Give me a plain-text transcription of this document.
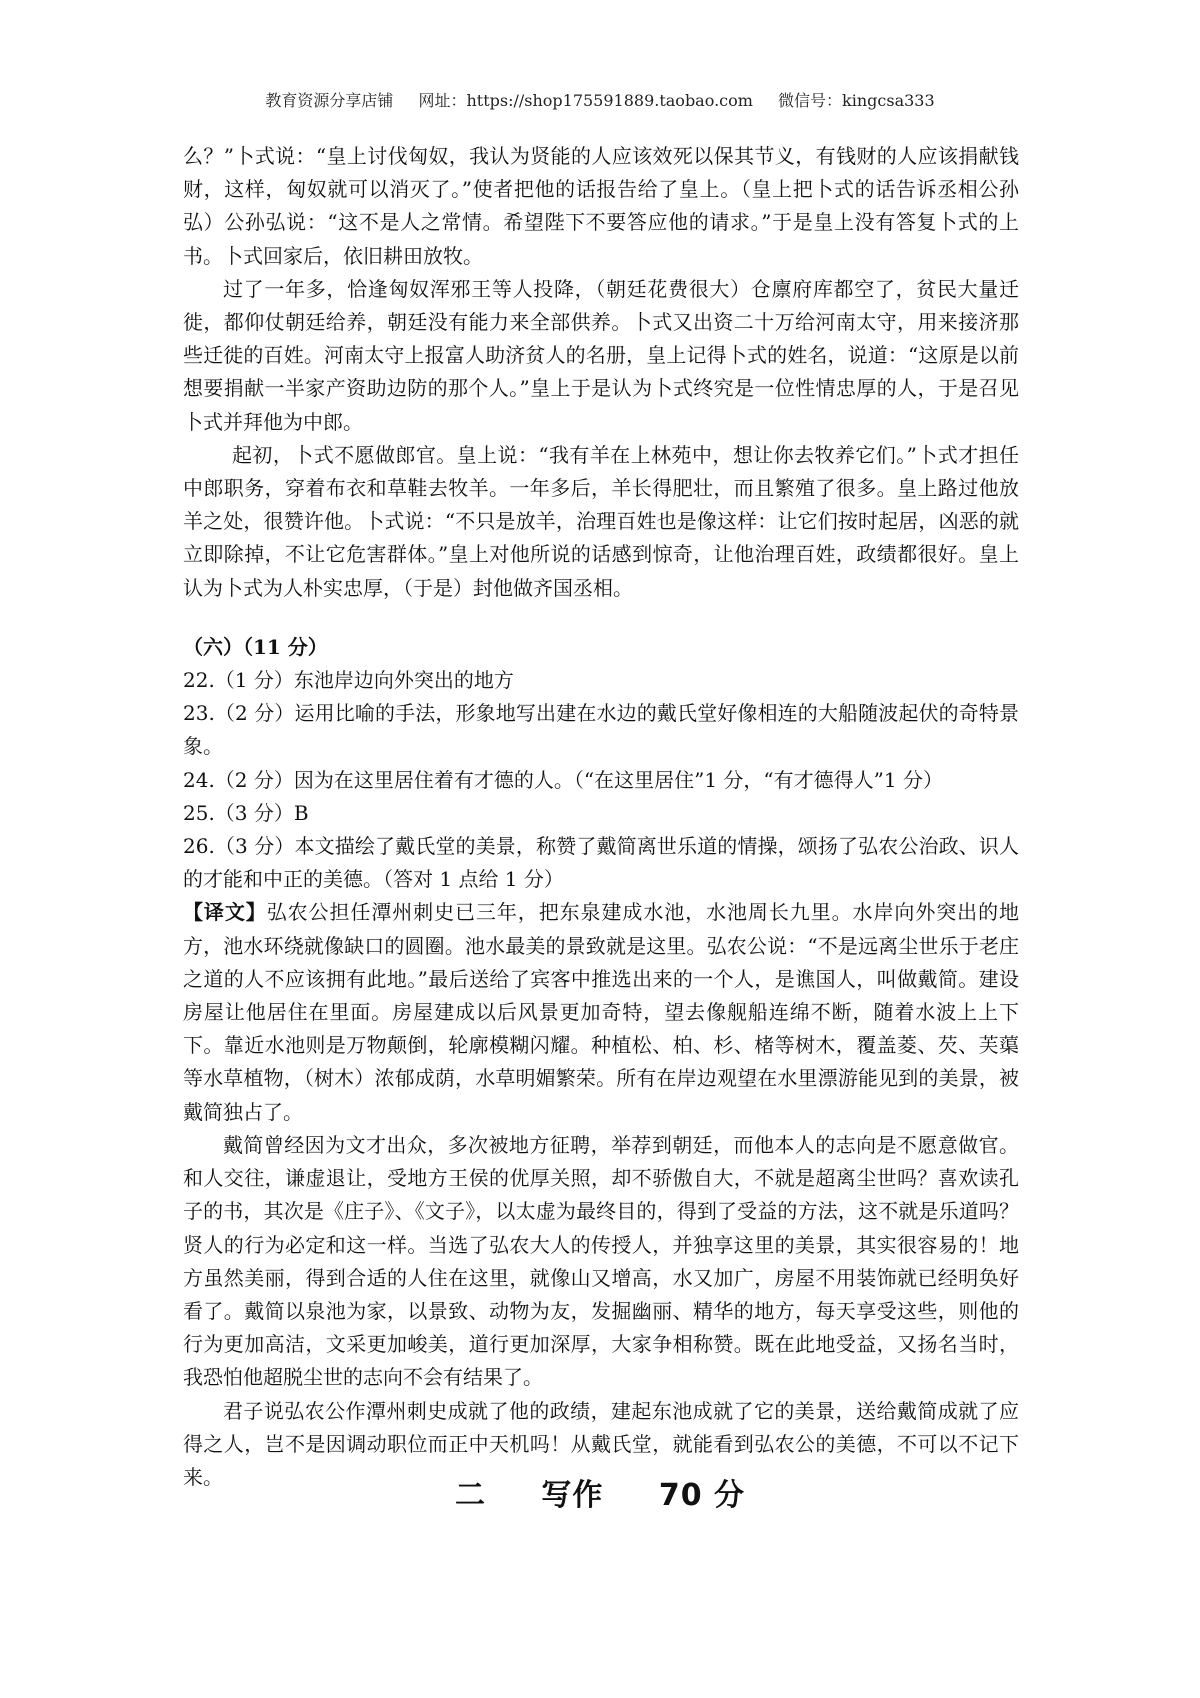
教育资源分享店铺 网址：https://shop175591889.taobao.com 微信号：kingcsa333

么？”卜式说：“皇上讨伐匈奴，我认为贤能的人应该效死以保其节义，有钱财的人应该捐献钱财，这样，匈奴就可以消灭了。”使者把他的话报告给了皇上。（皇上把卜式的话告诉丞相公孙弘）公孙弘说：“这不是人之常情。希望陛下不要答应他的请求。”于是皇上没有答复卜式的上书。卜式回家后，依旧耕田放牧。

过了一年多，恰逢匈奴浑邪王等人投降，（朝廷花费很大）仓廪府库都空了，贫民大量迁徙，都仰仗朝廷给养，朝廷没有能力来全部供养。卜式又出资二十万给河南太守，用来接济那些迁徙的百姓。河南太守上报富人助济贫人的名册，皇上记得卜式的姓名，说道：“这原是以前想要捐献一半家产资助边防的那个人。”皇上于是认为卜式终究是一位性情忠厚的人，于是召见卜式并拜他为中郎。

起初，卜式不愿做郎官。皇上说：“我有羊在上林苑中，想让你去牧养它们。”卜式才担任中郎职务，穿着布衣和草鞋去牧羊。一年多后，羊长得肥壮，而且繁殖了很多。皇上路过他放羊之处，很赞许他。卜式说：“不只是放羊，治理百姓也是像这样：让它们按时起居，凶恶的就立即除掉，不让它危害群体。”皇上对他所说的话感到惊奇，让他治理百姓，政绩都很好。皇上认为卜式为人朴实忠厚，（于是）封他做齐国丞相。

（六）（11 分）

22.（1 分）东池岸边向外突出的地方

23.（2 分）运用比喻的手法，形象地写出建在水边的戴氏堂好像相连的大船随波起伏的奇特景象。

24.（2 分）因为在这里居住着有才德的人。（“在这里居住”1 分，“有才德得人”1 分）

25.（3 分）B

26.（3 分）本文描绘了戴氏堂的美景，称赞了戴简离世乐道的情操，颂扬了弘农公治政、识人的才能和中正的美德。（答对 1 点给 1 分）

【译文】弘农公担任潭州刺史已三年，把东泉建成水池，水池周长九里。水岸向外突出的地方，池水环绕就像缺口的圆圈。池水最美的景致就是这里。弘农公说：“不是远离尘世乐于老庄之道的人不应该拥有此地。”最后送给了宾客中推选出来的一个人，是谯国人，叫做戴简。建设房屋让他居住在里面。房屋建成以后风景更加奇特，望去像舰船连绵不断，随着水波上上下下。靠近水池则是万物颠倒，轮廓模糊闪耀。种植松、柏、杉、楮等树木，覆盖菱、芡、芙蕖等水草植物，（树木）浓郁成荫，水草明媚繁荣。所有在岸边观望在水里漂游能见到的美景，被戴简独占了。

戴简曾经因为文才出众，多次被地方征聘，举荐到朝廷，而他本人的志向是不愿意做官。和人交往，谦虚退让，受地方王侯的优厚关照，却不骄傲自大，不就是超离尘世吗？喜欢读孔子的书，其次是《庄子》、《文子》，以太虚为最终目的，得到了受益的方法，这不就是乐道吗？贤人的行为必定和这一样。当选了弘农大人的传授人，并独享这里的美景，其实很容易的！地方虽然美丽，得到合适的人住在这里，就像山又增高，水又加广，房屋不用装饰就已经明奂好看了。戴简以泉池为家，以景致、动物为友，发掘幽丽、精华的地方，每天享受这些，则他的行为更加高洁，文采更加峻美，道行更加深厚，大家争相称赞。既在此地受益，又扬名当时，我恐怕他超脱尘世的志向不会有结果了。

君子说弘农公作潭州刺史成就了他的政绩，建起东池成就了它的美景，送给戴简成就了应得之人，岂不是因调动职位而正中天机吗！从戴氏堂，就能看到弘农公的美德，不可以不记下来。

二 写作 70 分
